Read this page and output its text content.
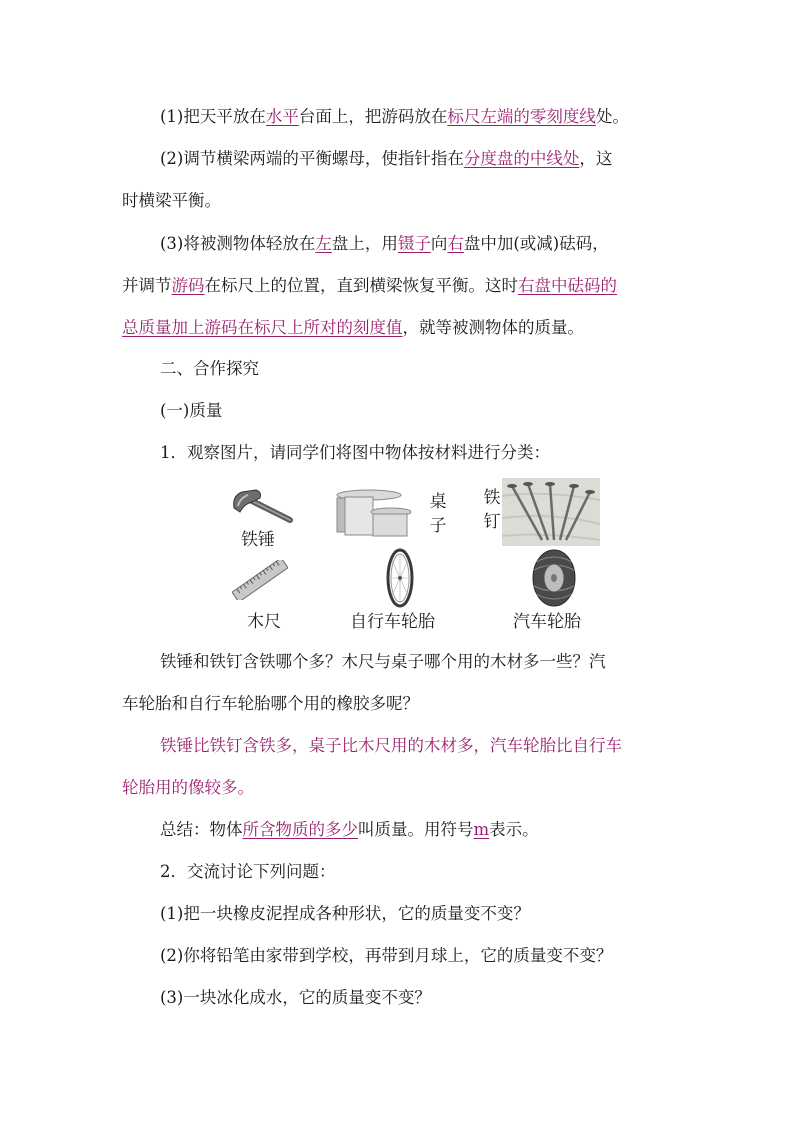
(1)把天平放在水平台面上，把游码放在标尺左端的零刻度线处。
(2)调节横梁两端的平衡螺母，使指针指在分度盘的中线处，这
时横梁平衡。
(3)将被测物体轻放在左盘上，用镊子向右盘中加(或减)砝码，
并调节游码在标尺上的位置，直到横梁恢复平衡。这时右盘中砝码的
总质量加上游码在标尺上所对的刻度值，就等被测物体的质量。
二、合作探究
(一)质量
1．观察图片，请同学们将图中物体按材料进行分类：
铁锤
桌子
铁钉
木尺	自行车轮胎	汽车轮胎
铁锤和铁钉含铁哪个多？木尺与桌子哪个用的木材多一些？汽
车轮胎和自行车轮胎哪个用的橡胶多呢？
铁锤比铁钉含铁多，桌子比木尺用的木材多，汽车轮胎比自行车
轮胎用的像较多。
总结：物体所含物质的多少叫质量。用符号m表示。
2．交流讨论下列问题：
(1)把一块橡皮泥捏成各种形状，它的质量变不变？
(2)你将铅笔由家带到学校，再带到月球上，它的质量变不变？
(3)一块冰化成水，它的质量变不变？
